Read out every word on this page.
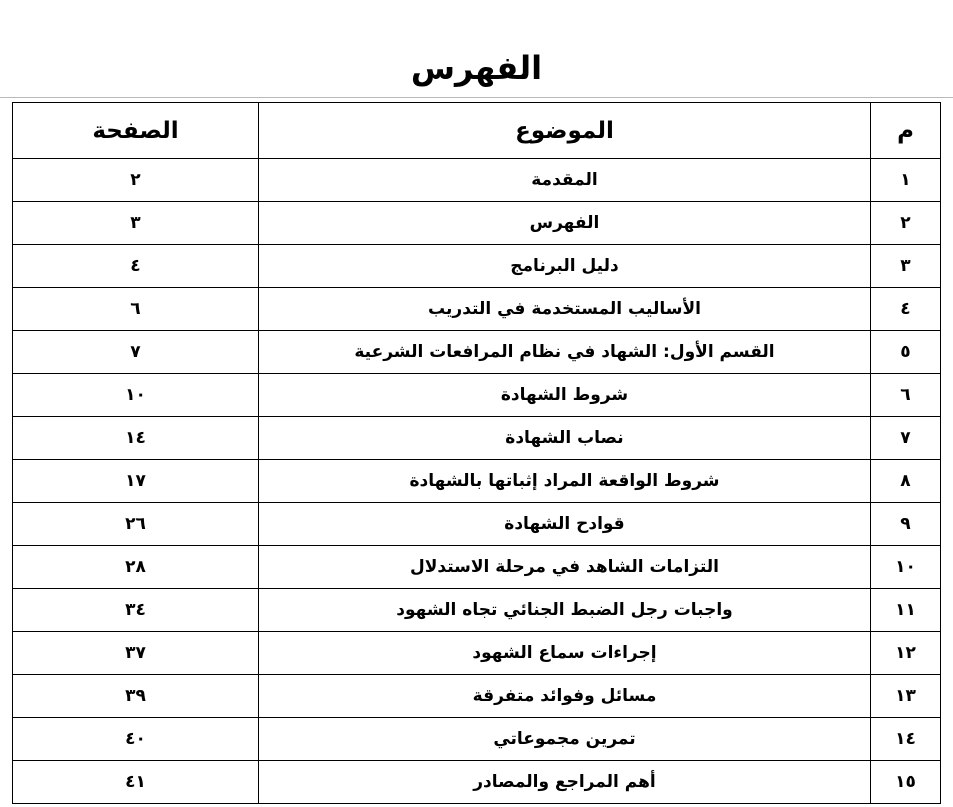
الفهرس
م	الموضوع	الصفحة
١	المقدمة	٢
٢	الفهرس	٣
٣	دليل البرنامج	٤
٤	الأساليب المستخدمة في التدريب	٦
٥	القسم الأول: الشهاد في نظام المرافعات الشرعية	٧
٦	شروط الشهادة	١٠
٧	نصاب الشهادة	١٤
٨	شروط الواقعة المراد إثباتها بالشهادة	١٧
٩	قوادح الشهادة	٢٦
١٠	التزامات الشاهد في مرحلة الاستدلال	٢٨
١١	واجبات رجل الضبط الجنائي تجاه الشهود	٣٤
١٢	إجراءات سماع الشهود	٣٧
١٣	مسائل وفوائد متفرقة	٣٩
١٤	تمرين مجموعاتي	٤٠
١٥	أهم المراجع والمصادر	٤١
